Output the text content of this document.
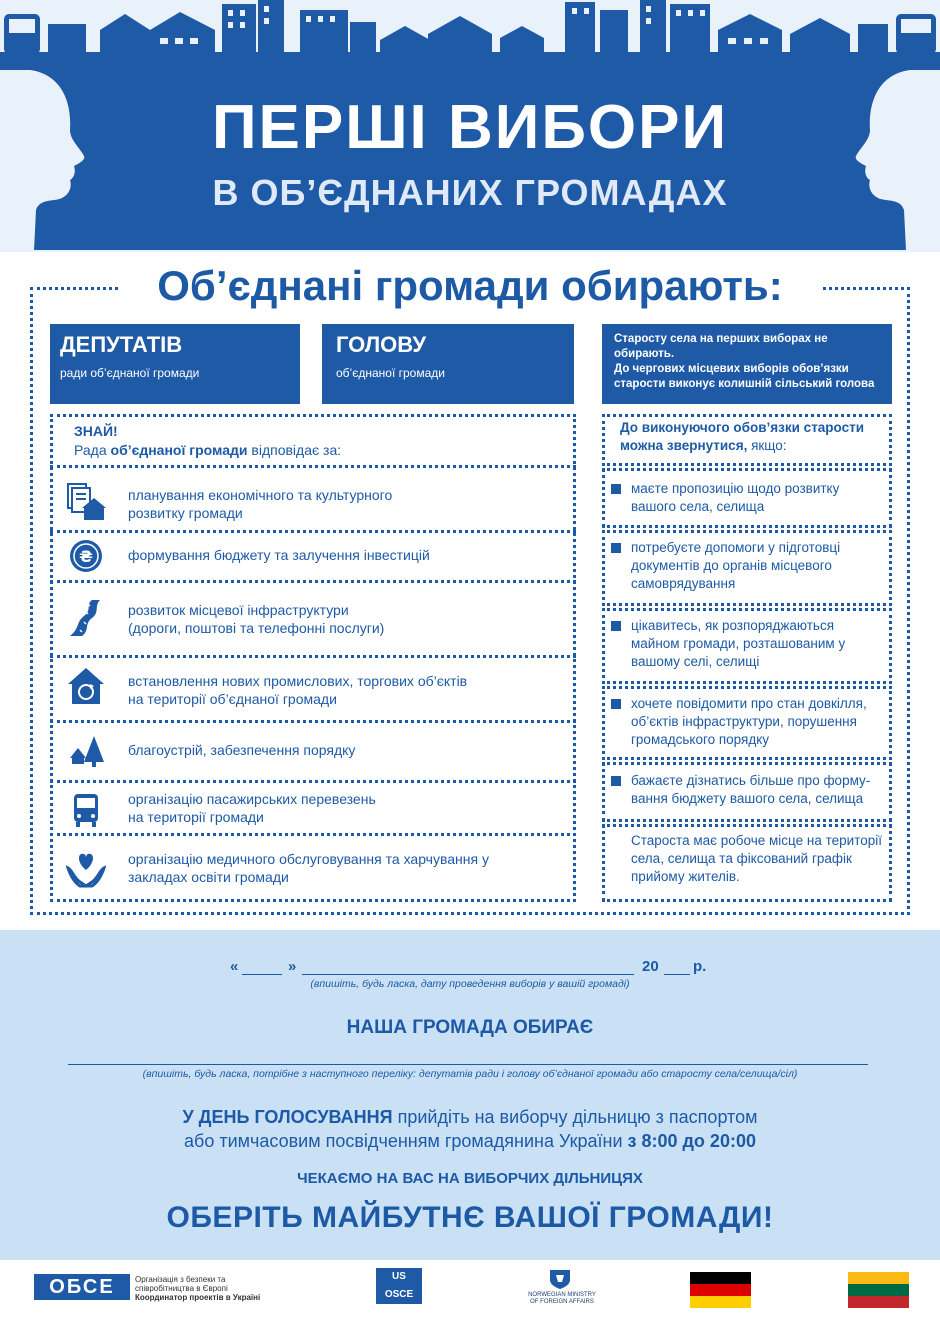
ПЕРШІ ВИБОРИ
В ОБ’ЄДНАНИХ ГРОМАДАХ
Об’єднані громади обирають:
ДЕПУТАТІВ
ради об’єднаної громади
ГОЛОВУ
об’єднаної громади
Старосту села на перших виборах не обирають.
До чергових місцевих виборів обов’язки старости виконує колишній сільський голова
ЗНАЙ!
Рада об’єднаної громади відповідає за:
планування економічного та культурного
розвитку громади
₴	формування бюджету та залучення інвестицій
розвиток місцевої інфраструктури
(дороги, поштові та телефонні послуги)
встановлення нових промислових, торгових об’єктів
на території об’єднаної громади
благоустрій, забезпечення порядку
організацію пасажирських перевезень
на території громади
організацію медичного обслуговування та харчування у
закладах освіти громади
До виконуючого обов’язки старости можна звернутися, якщо:
маєте пропозицію щодо розвитку вашого села, селища
потребуєте допомоги у підготовці документів до органів місцевого самоврядування
цікавитесь, як розпоряджаються майном громади, розташованим у вашому селі, селищі
хочете повідомити про стан довкілля, об’єктів інфраструктури, порушення громадського порядку
бажаєте дізнатись більше про форму-вання бюджету вашого села, селища
Староста має робоче місце на території села, селища та фіксований графік прийому жителів.
«	»	20 р.
(впишіть, будь ласка, дату проведення виборів у вашій громаді)
НАША ГРОМАДА ОБИРАЄ
(впишіть, будь ласка, потрібне з наступного переліку: депутатів ради і голову об’єднаної громади або старосту села/селища/сіл)
У ДЕНЬ ГОЛОСУВАННЯ прийдіть на виборчу дільницю з паспортом
або тимчасовим посвідченням громадянина України з 8:00 до 20:00
ЧЕКАЄМО НА ВАС НА ВИБОРЧИХ ДІЛЬНИЦЯХ
ОБЕРІТЬ МАЙБУТНЄ ВАШОЇ ГРОМАДИ!
ОБСЕ	Організація з безпеки та
співробітництва в Європі
Координатор проектів в Україні
US OSCE	NORWEGIAN MINISTRY
OF FOREIGN AFFAIRS
